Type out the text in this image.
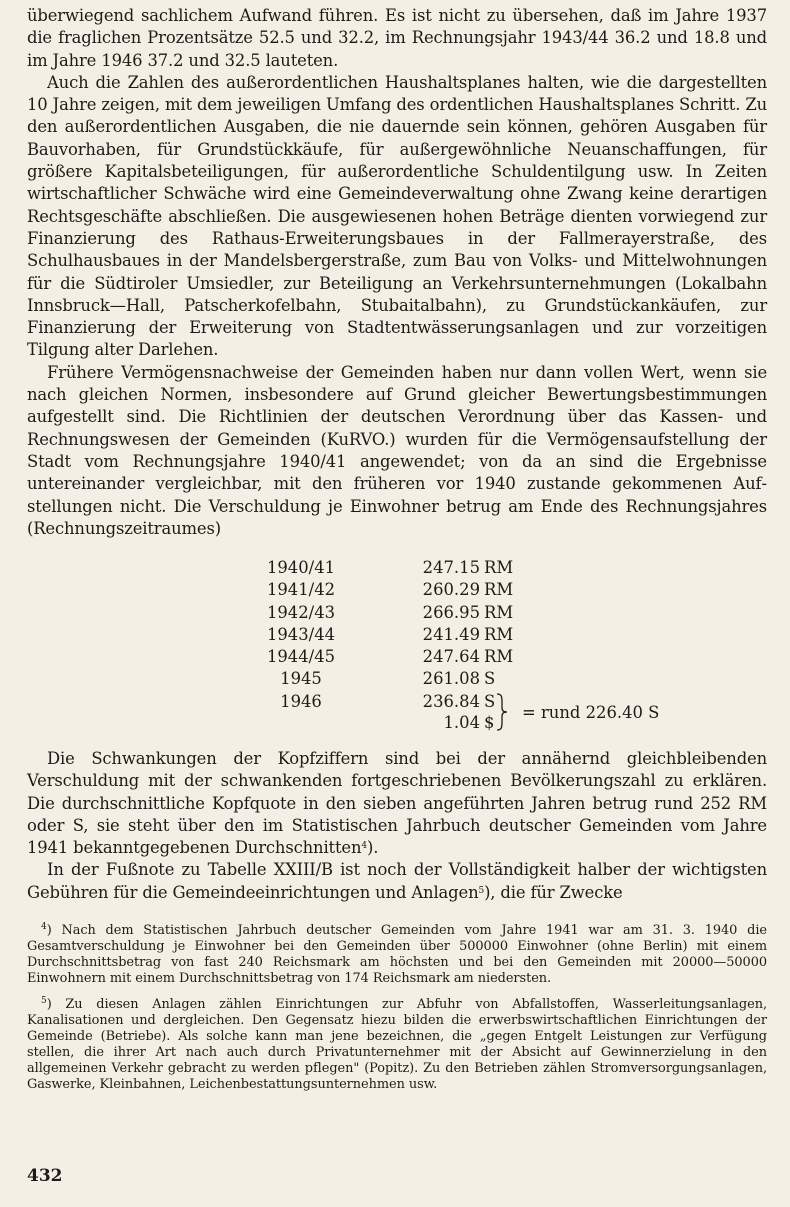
überwiegend sachlichem Aufwand führen. Es ist nicht zu übersehen, daß im Jahre 1937 die fraglichen Prozentsätze 52.5 und 32.2, im Rechnungsjahr 1943/44 36.2 und 18.8 und im Jahre 1946 37.2 und 32.5 lauteten.

Auch die Zahlen des außerordentlichen Haushaltsplanes halten, wie die dargestellten 10 Jahre zeigen, mit dem jeweiligen Umfang des ordentlichen Haushaltsplanes Schritt. Zu den außerordentlichen Ausgaben, die nie dauernde sein können, gehören Ausgaben für Bauvorhaben, für Grundstückkäufe, für außergewöhnliche Neuanschaffungen, für größere Kapitalsbeteiligungen, für außerordentliche Schuldentilgung usw. In Zeiten wirtschaftlicher Schwäche wird eine Gemeindeverwaltung ohne Zwang keine derartigen Rechtsgeschäfte abschließen. Die ausgewiesenen hohen Beträge dienten vorwiegend zur Finanzierung des Rathaus-Erweiterungsbaues in der Fallmerayerstraße, des Schulhausbaues in der Mandelsbergerstraße, zum Bau von Volks- und Mittelwohnungen für die Südtiroler Umsiedler, zur Beteiligung an Verkehrsunternehmungen (Lokalbahn Innsbruck—Hall, Patscherkofelbahn, Stubaitalbahn), zu Grundstückankäufen, zur Finanzierung der Erweiterung von Stadtentwässerungsanlagen und zur vorzeitigen Tilgung alter Darlehen.

Frühere Vermögensnachweise der Gemeinden haben nur dann vollen Wert, wenn sie nach gleichen Normen, insbesondere auf Grund gleicher Bewertungsbestimmungen aufgestellt sind. Die Richtlinien der deutschen Verordnung über das Kassen- und Rechnungswesen der Gemeinden (KuRVO.) wurden für die Vermögensaufstellung der Stadt vom Rechnungsjahre 1940/41 angewendet; von da an sind die Ergebnisse untereinander vergleichbar, mit den früheren vor 1940 zustande gekommenen Aufstellungen nicht. Die Verschuldung je Einwohner betrug am Ende des Rechnungsjahres (Rechnungszeitraumes)

1940/41	247.15 RM
1941/42	260.29 RM
1942/43	266.95 RM
1943/44	241.49 RM
1944/45	247.64 RM
1945	261.08 S
1946	236.84 S
1.04 $
= rund 226.40 S

Die Schwankungen der Kopfziffern sind bei der annähernd gleichbleibenden Verschuldung mit der schwankenden fortgeschriebenen Bevölkerungszahl zu erklären. Die durchschnittliche Kopfquote in den sieben angeführten Jahren betrug rund 252 RM oder S, sie steht über den im Statistischen Jahrbuch deutscher Gemeinden vom Jahre 1941 bekanntgegebenen Durchschnitten$^4$).

In der Fußnote zu Tabelle XXIII/B ist noch der Vollständigkeit halber der wichtigsten Gebühren für die Gemeindeeinrichtungen und Anlagen$^5$), die für Zwecke

$^4$) Nach dem Statistischen Jahrbuch deutscher Gemeinden vom Jahre 1941 war am 31. 3. 1940 die Gesamtverschuldung je Einwohner bei den Gemeinden über 500000 Einwohner (ohne Berlin) mit einem Durchschnittsbetrag von fast 240 Reichsmark am höchsten und bei den Gemeinden mit 20000—50000 Einwohnern mit einem Durchschnittsbetrag von 174 Reichsmark am niedersten.

$^5$) Zu diesen Anlagen zählen Einrichtungen zur Abfuhr von Abfallstoffen, Wasserleitungsanlagen, Kanalisationen und dergleichen. Den Gegensatz hiezu bilden die erwerbswirtschaftlichen Einrichtungen der Gemeinde (Betriebe). Als solche kann man jene bezeichnen, die „gegen Entgelt Leistungen zur Verfügung stellen, die ihrer Art nach auch durch Privatunternehmer mit der Absicht auf Gewinnerzielung in den allgemeinen Verkehr gebracht zu werden pflegen" (Popitz). Zu den Betrieben zählen Stromversorgungsanlagen, Gaswerke, Kleinbahnen, Leichenbestattungsunternehmen usw.

432
